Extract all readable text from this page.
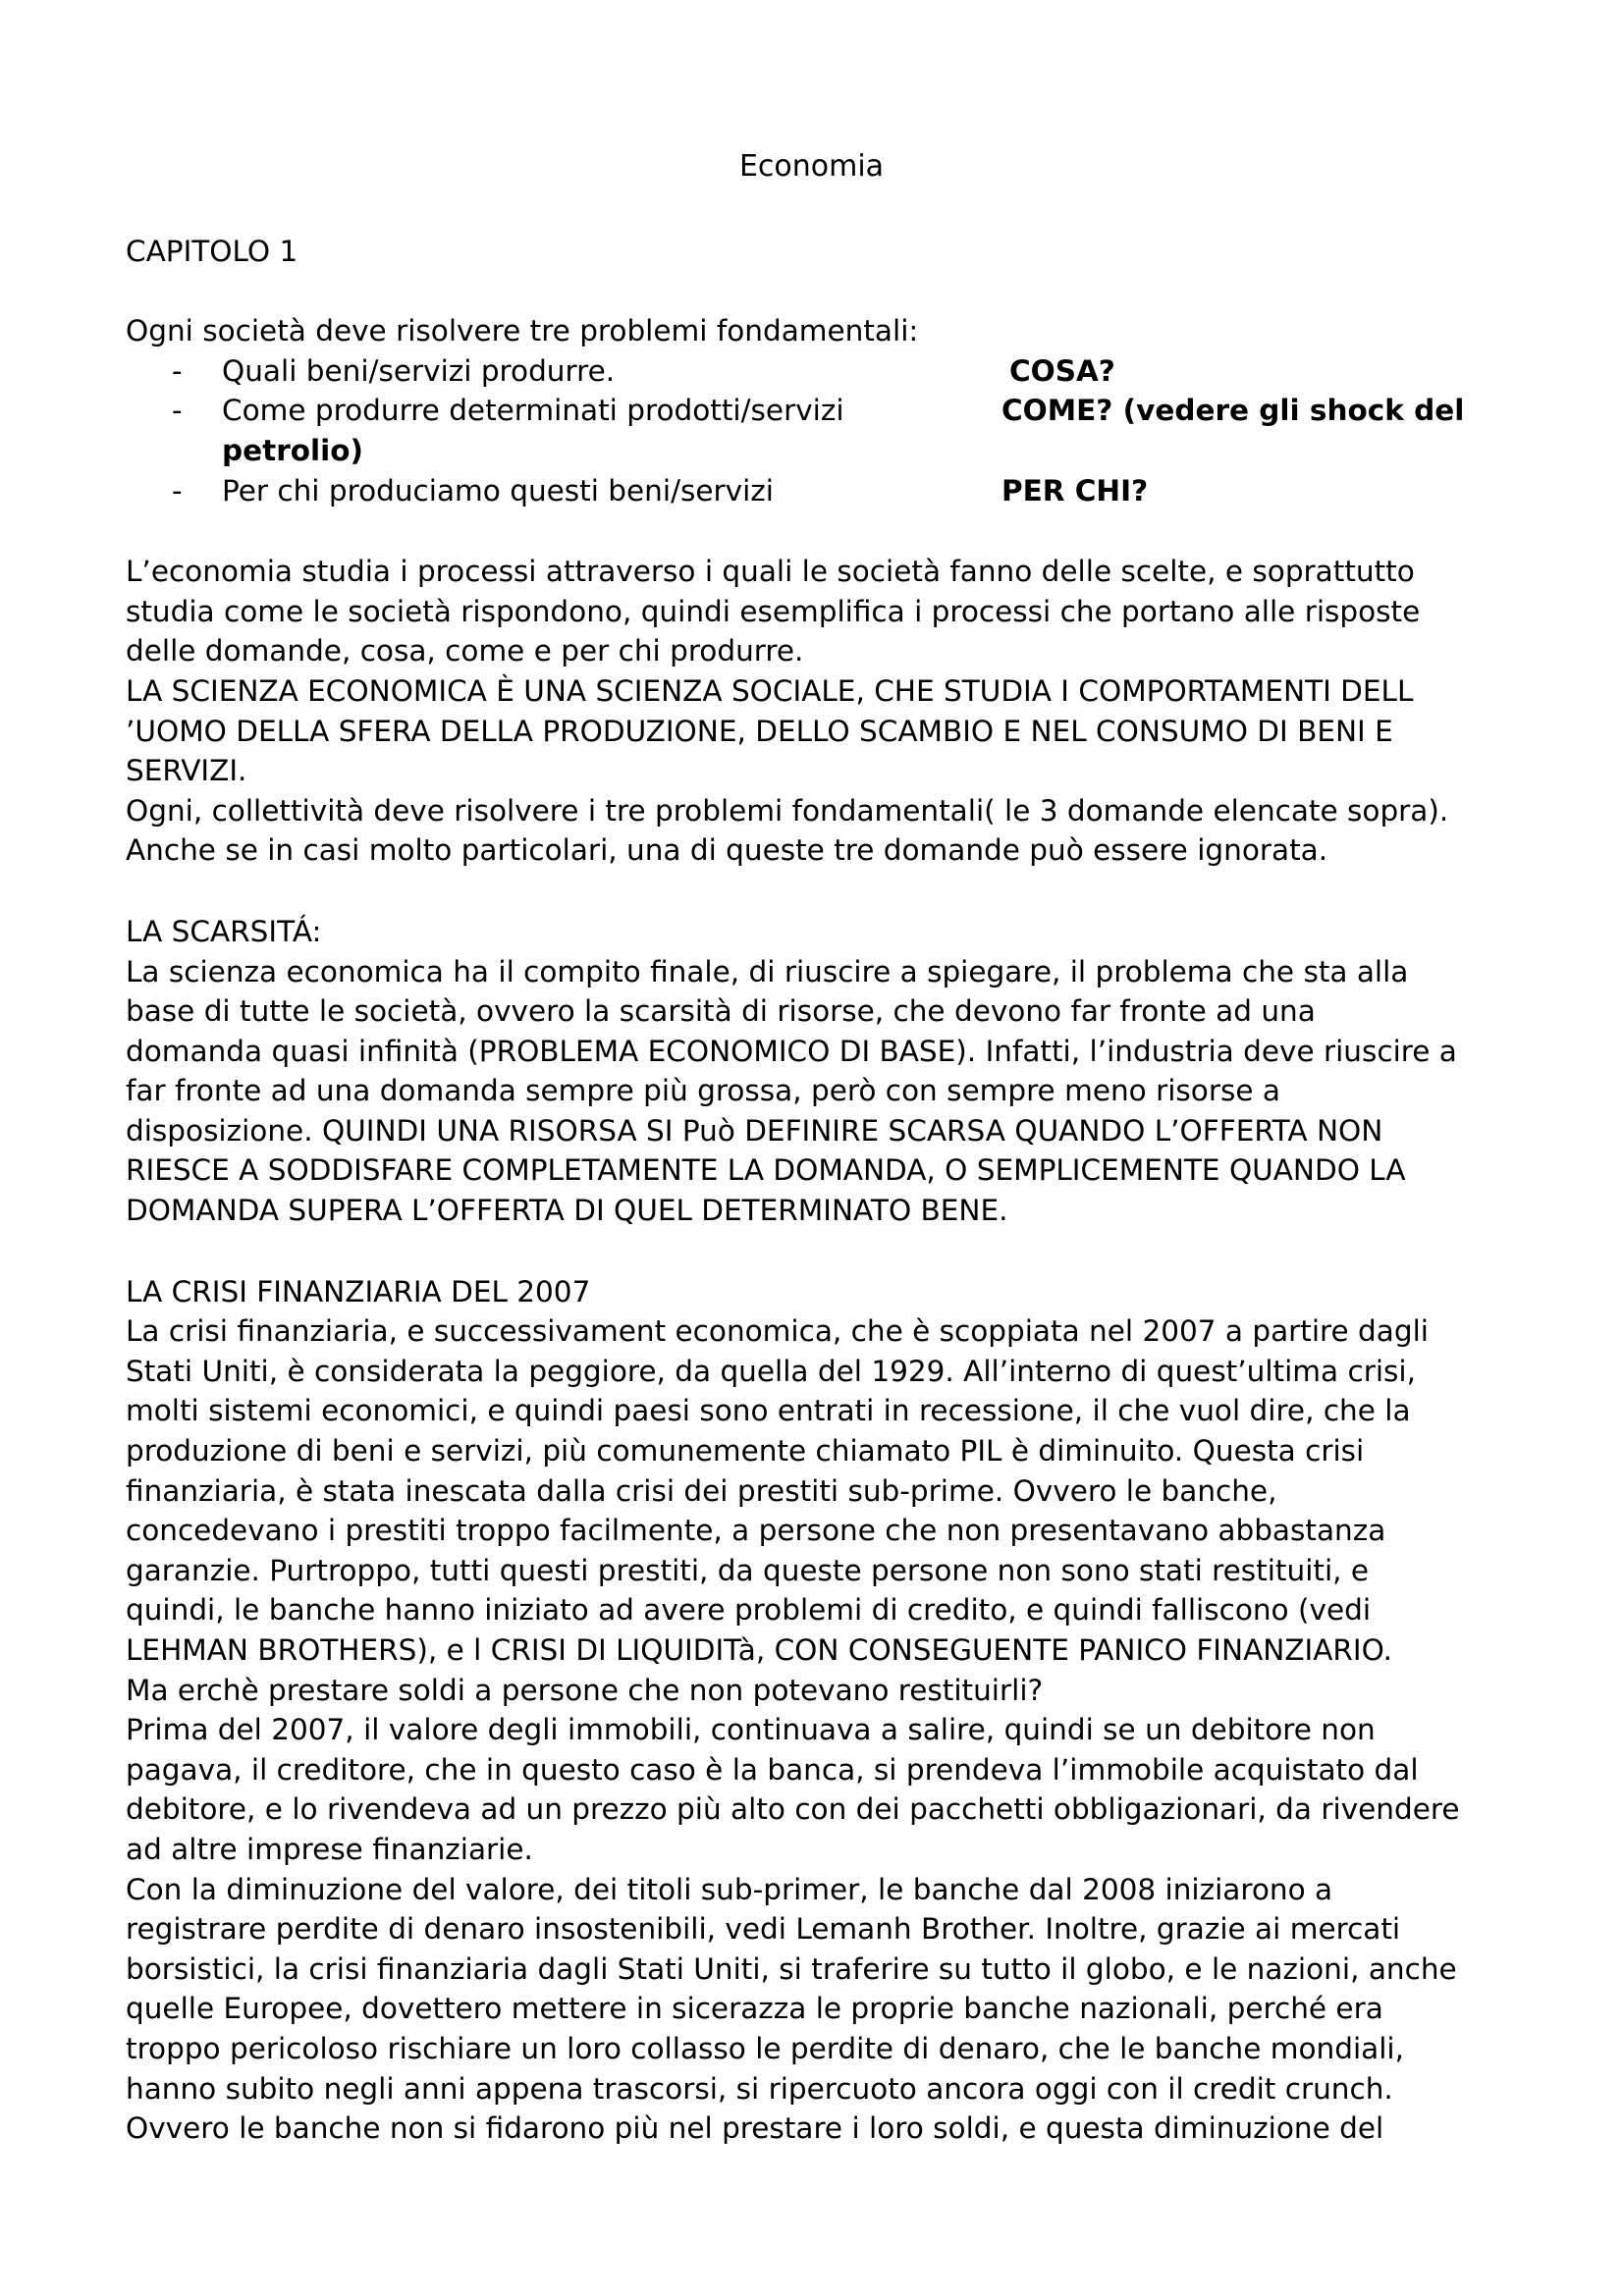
Economia
CAPITOLO 1
Ogni società deve risolvere tre problemi fondamentali:
- Quali beni/servizi produrre.	COSA?
- Come produrre determinati prodotti/servizi	COME? (vedere gli shock del
petrolio)
- Per chi produciamo questi beni/servizi	PER CHI?
L’economia studia i processi attraverso i quali le società fanno delle scelte, e soprattutto
studia come le società rispondono, quindi esemplifica i processi che portano alle risposte
delle domande, cosa, come e per chi produrre.
LA SCIENZA ECONOMICA È UNA SCIENZA SOCIALE, CHE STUDIA I COMPORTAMENTI DELL
’UOMO DELLA SFERA DELLA PRODUZIONE, DELLO SCAMBIO E NEL CONSUMO DI BENI E
SERVIZI.
Ogni, collettività deve risolvere i tre problemi fondamentali( le 3 domande elencate sopra).
Anche se in casi molto particolari, una di queste tre domande può essere ignorata.
LA SCARSITÁ:
La scienza economica ha il compito finale, di riuscire a spiegare, il problema che sta alla
base di tutte le società, ovvero la scarsità di risorse, che devono far fronte ad una
domanda quasi infinità (PROBLEMA ECONOMICO DI BASE). Infatti, l’industria deve riuscire a
far fronte ad una domanda sempre più grossa, però con sempre meno risorse a
disposizione. QUINDI UNA RISORSA SI Può DEFINIRE SCARSA QUANDO L’OFFERTA NON
RIESCE A SODDISFARE COMPLETAMENTE LA DOMANDA, O SEMPLICEMENTE QUANDO LA
DOMANDA SUPERA L’OFFERTA DI QUEL DETERMINATO BENE.
LA CRISI FINANZIARIA DEL 2007
La crisi finanziaria, e successivament economica, che è scoppiata nel 2007 a partire dagli
Stati Uniti, è considerata la peggiore, da quella del 1929. All’interno di quest’ultima crisi,
molti sistemi economici, e quindi paesi sono entrati in recessione, il che vuol dire, che la
produzione di beni e servizi, più comunemente chiamato PIL è diminuito. Questa crisi
finanziaria, è stata inescata dalla crisi dei prestiti sub-prime. Ovvero le banche,
concedevano i prestiti troppo facilmente, a persone che non presentavano abbastanza
garanzie. Purtroppo, tutti questi prestiti, da queste persone non sono stati restituiti, e
quindi, le banche hanno iniziato ad avere problemi di credito, e quindi falliscono (vedi
LEHMAN BROTHERS), e l CRISI DI LIQUIDITà, CON CONSEGUENTE PANICO FINANZIARIO.
Ma erchè prestare soldi a persone che non potevano restituirli?
Prima del 2007, il valore degli immobili, continuava a salire, quindi se un debitore non
pagava, il creditore, che in questo caso è la banca, si prendeva l’immobile acquistato dal
debitore, e lo rivendeva ad un prezzo più alto con dei pacchetti obbligazionari, da rivendere
ad altre imprese finanziarie.
Con la diminuzione del valore, dei titoli sub-primer, le banche dal 2008 iniziarono a
registrare perdite di denaro insostenibili, vedi Lemanh Brother. Inoltre, grazie ai mercati
borsistici, la crisi finanziaria dagli Stati Uniti, si traferire su tutto il globo, e le nazioni, anche
quelle Europee, dovettero mettere in sicerazza le proprie banche nazionali, perché era
troppo pericoloso rischiare un loro collasso le perdite di denaro, che le banche mondiali,
hanno subito negli anni appena trascorsi, si ripercuoto ancora oggi con il credit crunch.
Ovvero le banche non si fidarono più nel prestare i loro soldi, e questa diminuzione del
